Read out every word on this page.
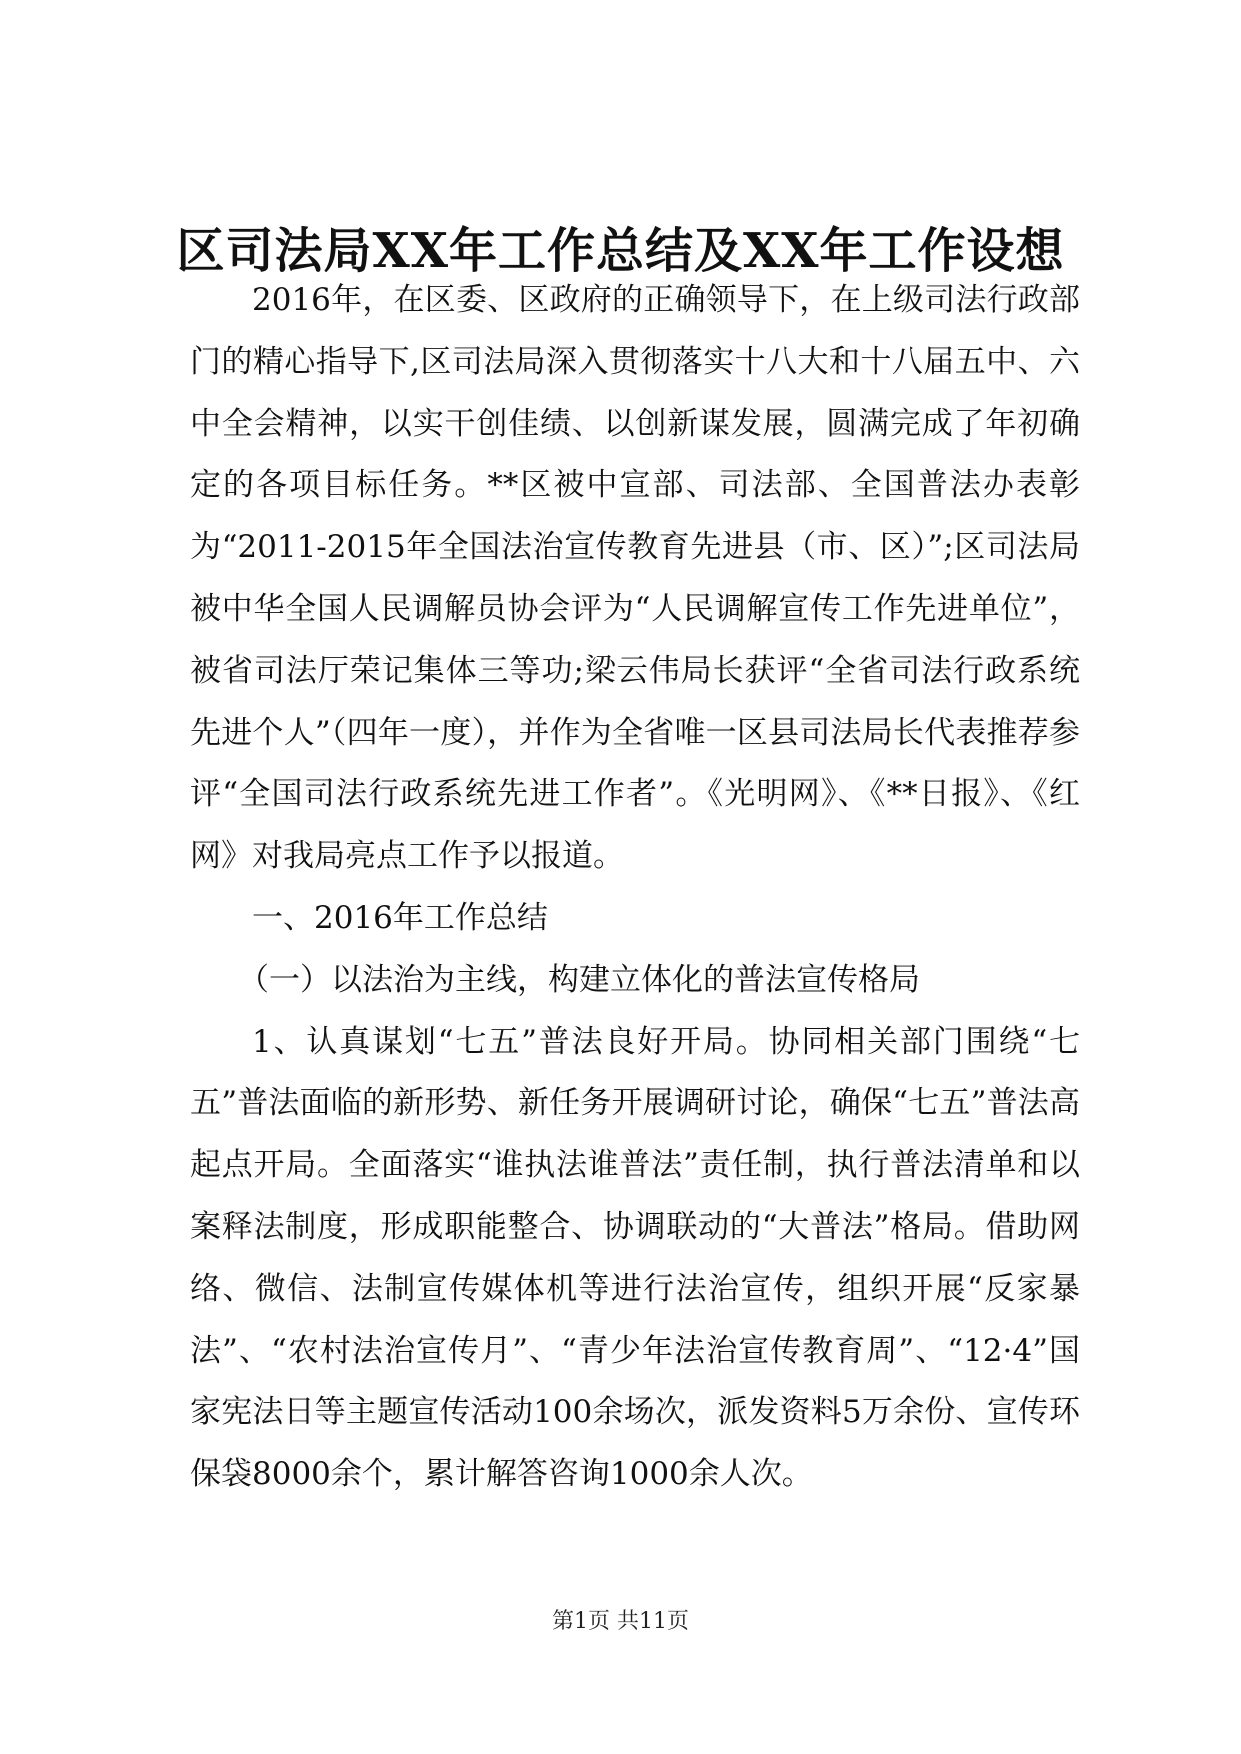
区司法局XX年工作总结及XX年工作设想

2016年，在区委、区政府的正确领导下，在上级司法行政部门的精心指导下,区司法局深入贯彻落实十八大和十八届五中、六中全会精神，以实干创佳绩、以创新谋发展，圆满完成了年初确定的各项目标任务。**区被中宣部、司法部、全国普法办表彰为“2011-2015年全国法治宣传教育先进县（市、区）”;区司法局被中华全国人民调解员协会评为“人民调解宣传工作先进单位”，被省司法厅荣记集体三等功;梁云伟局长获评“全省司法行政系统先进个人”（四年一度），并作为全省唯一区县司法局长代表推荐参评“全国司法行政系统先进工作者”。《光明网》、《**日报》、《红网》对我局亮点工作予以报道。

一、2016年工作总结

（一）以法治为主线，构建立体化的普法宣传格局

1、认真谋划“七五”普法良好开局。协同相关部门围绕“七五”普法面临的新形势、新任务开展调研讨论，确保“七五”普法高起点开局。全面落实“谁执法谁普法”责任制，执行普法清单和以案释法制度，形成职能整合、协调联动的“大普法”格局。借助网络、微信、法制宣传媒体机等进行法治宣传，组织开展“反家暴法”、“农村法治宣传月”、“青少年法治宣传教育周”、“12·4”国家宪法日等主题宣传活动100余场次，派发资料5万余份、宣传环保袋8000余个，累计解答咨询1000余人次。

第1页 共11页
